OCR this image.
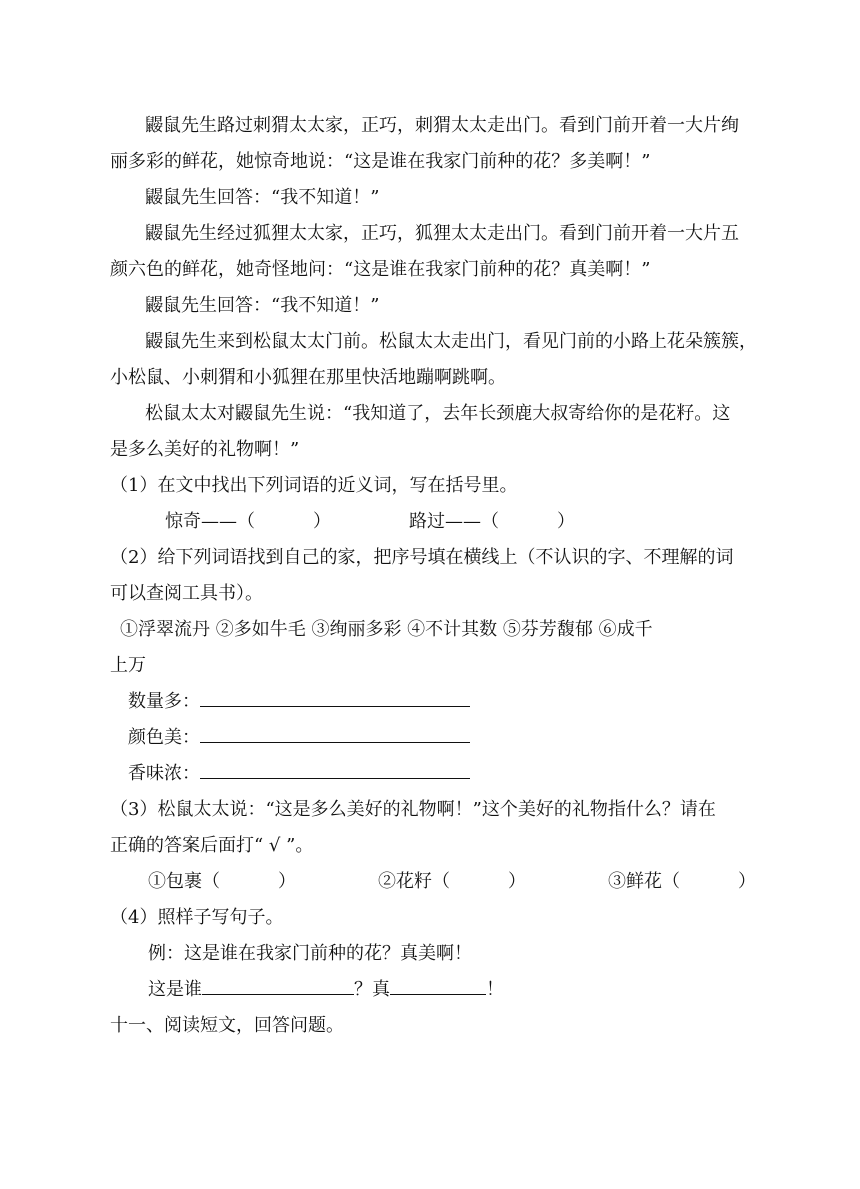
鼹鼠先生路过刺猬太太家，正巧，刺猬太太走出门。看到门前开着一大片绚
丽多彩的鲜花，她惊奇地说：“这是谁在我家门前种的花？多美啊！”
鼹鼠先生回答：“我不知道！”
鼹鼠先生经过狐狸太太家，正巧，狐狸太太走出门。看到门前开着一大片五
颜六色的鲜花，她奇怪地问：“这是谁在我家门前种的花？真美啊！”
鼹鼠先生回答：“我不知道！”
鼹鼠先生来到松鼠太太门前。松鼠太太走出门，看见门前的小路上花朵簇簇，
小松鼠、小刺猬和小狐狸在那里快活地蹦啊跳啊。
松鼠太太对鼹鼠先生说：“我知道了，去年长颈鹿大叔寄给你的是花籽。这
是多么美好的礼物啊！”
（1）在文中找出下列词语的近义词，写在括号里。
惊奇——（	）	路过——（	）
（2）给下列词语找到自己的家，把序号填在横线上（不认识的字、不理解的词
可以查阅工具书）。
①浮翠流丹 ②多如牛毛 ③绚丽多彩 ④不计其数 ⑤芬芳馥郁 ⑥成千
上万
数量多：
颜色美：
香味浓：
（3）松鼠太太说：“这是多么美好的礼物啊！”这个美好的礼物指什么？请在
正确的答案后面打“ √ ”。
①包裹（	）	②花籽（	）	③鲜花（	）
（4）照样子写句子。
例：这是谁在我家门前种的花？真美啊！
这是谁	？真	！
十一、阅读短文，回答问题。
